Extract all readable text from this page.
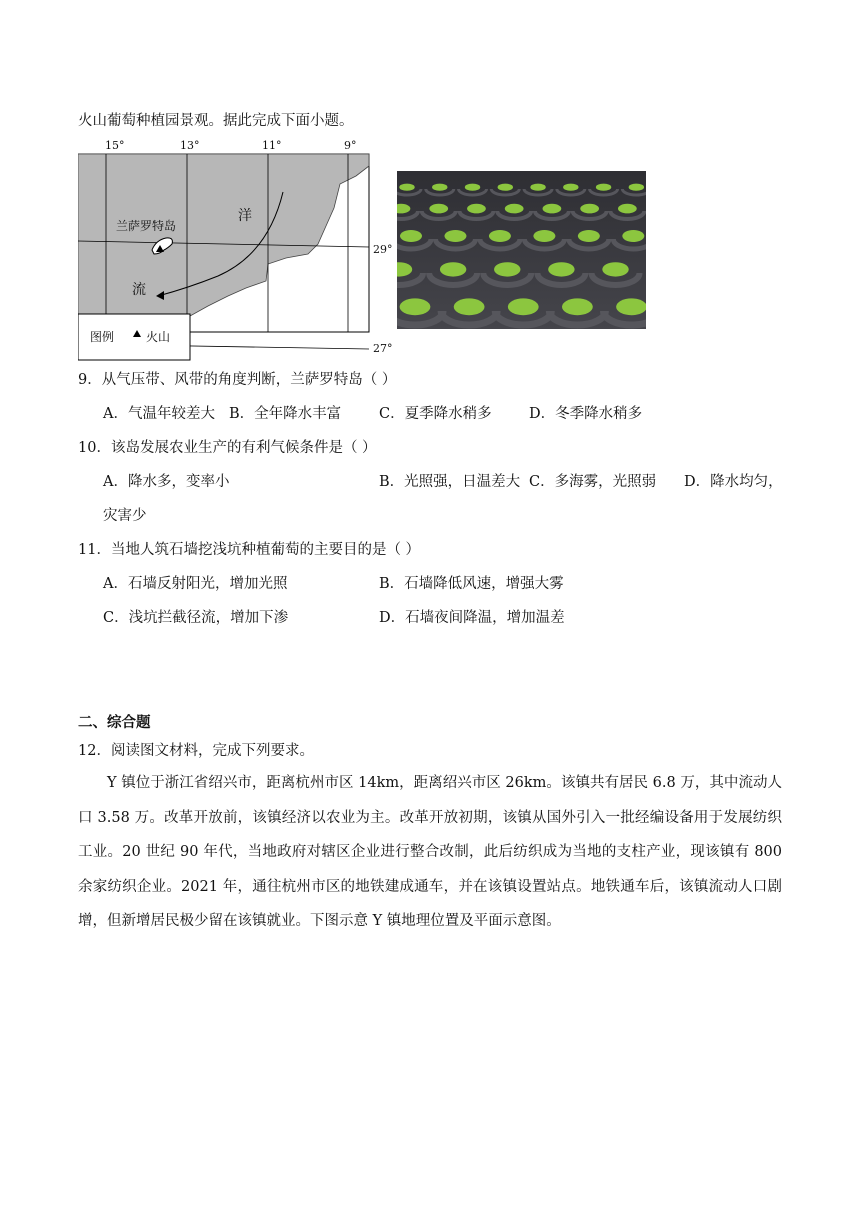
火山葡萄种植园景观。据此完成下面小题。
15°	13°	11°	9°
29°
27°
兰萨罗特岛
洋
流
图例	火山
9．从气压带、风带的角度判断，兰萨罗特岛（ ）
A．气温年较差大 B．全年降水丰富	C．夏季降水稍多	D．冬季降水稍多
10．该岛发展农业生产的有利气候条件是（ ）
A．降水多，变率小	B．光照强，日温差大 C．多海雾，光照弱 D．降水均匀，
灾害少
11．当地人筑石墙挖浅坑种植葡萄的主要目的是（ ）
A．石墙反射阳光，增加光照	B．石墙降低风速，增强大雾
C．浅坑拦截径流，增加下渗	D．石墙夜间降温，增加温差
二、综合题
12．阅读图文材料，完成下列要求。
Y 镇位于浙江省绍兴市，距离杭州市区 14km，距离绍兴市区 26km。该镇共有居民 6.8 万，其中流动人口 3.58 万。改革开放前，该镇经济以农业为主。改革开放初期，该镇从国外引入一批经编设备用于发展纺织工业。20 世纪 90 年代，当地政府对辖区企业进行整合改制，此后纺织成为当地的支柱产业，现该镇有 800 余家纺织企业。2021 年，通往杭州市区的地铁建成通车，并在该镇设置站点。地铁通车后，该镇流动人口剧增，但新增居民极少留在该镇就业。下图示意 Y 镇地理位置及平面示意图。
